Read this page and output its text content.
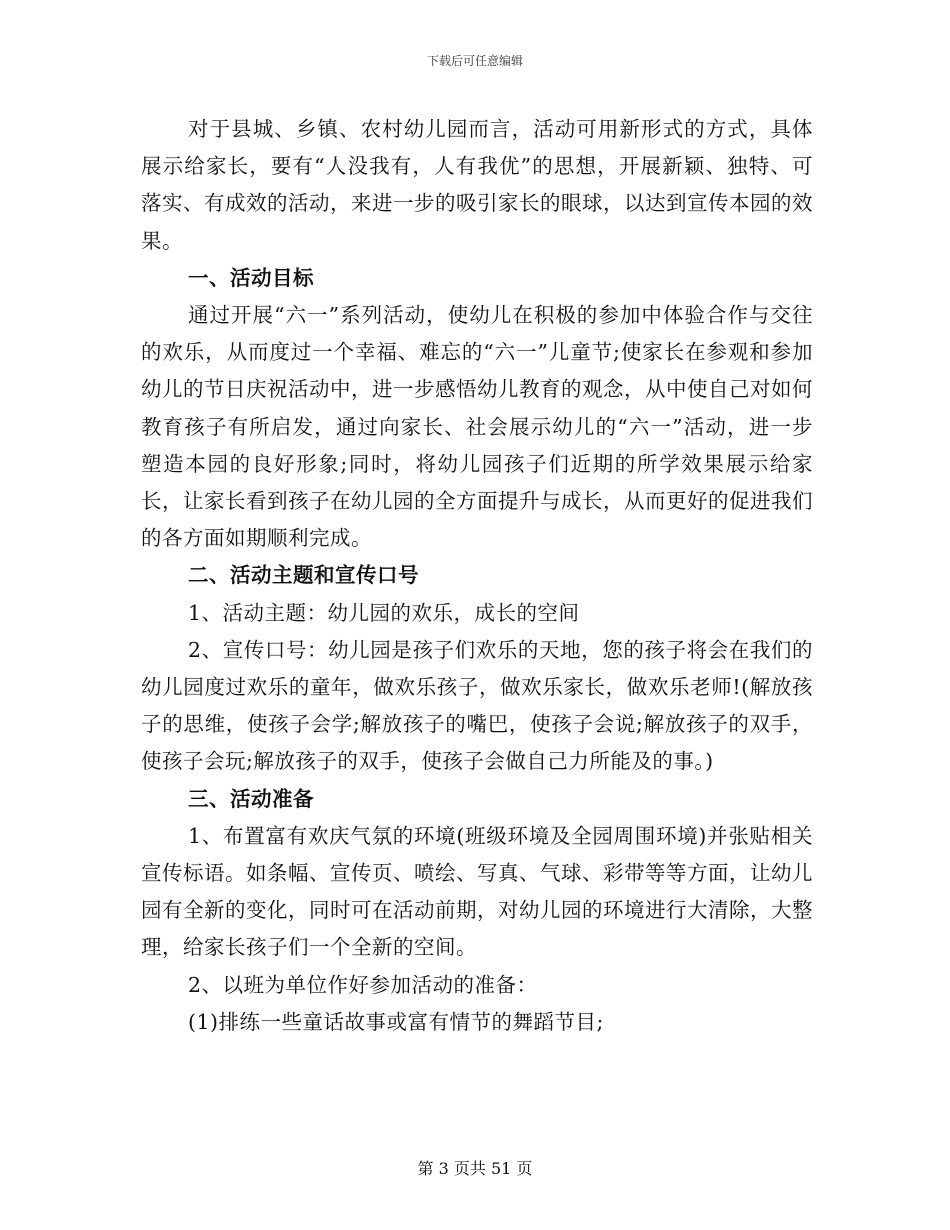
下载后可任意编辑

对于县城、乡镇、农村幼儿园而言，活动可用新形式的方式，具体展示给家长，要有“人没我有，人有我优”的思想，开展新颖、独特、可落实、有成效的活动，来进一步的吸引家长的眼球，以达到宣传本园的效果。

一、活动目标

通过开展“六一”系列活动，使幼儿在积极的参加中体验合作与交往的欢乐，从而度过一个幸福、难忘的“六一”儿童节;使家长在参观和参加幼儿的节日庆祝活动中，进一步感悟幼儿教育的观念，从中使自己对如何教育孩子有所启发，通过向家长、社会展示幼儿的“六一”活动，进一步塑造本园的良好形象;同时，将幼儿园孩子们近期的所学效果展示给家长，让家长看到孩子在幼儿园的全方面提升与成长，从而更好的促进我们的各方面如期顺利完成。

二、活动主题和宣传口号

1、活动主题：幼儿园的欢乐，成长的空间

2、宣传口号：幼儿园是孩子们欢乐的天地，您的孩子将会在我们的幼儿园度过欢乐的童年，做欢乐孩子，做欢乐家长，做欢乐老师!(解放孩子的思维，使孩子会学;解放孩子的嘴巴，使孩子会说;解放孩子的双手，使孩子会玩;解放孩子的双手，使孩子会做自己力所能及的事。)

三、活动准备

1、布置富有欢庆气氛的环境(班级环境及全园周围环境)并张贴相关宣传标语。如条幅、宣传页、喷绘、写真、气球、彩带等等方面，让幼儿园有全新的变化，同时可在活动前期，对幼儿园的环境进行大清除，大整理，给家长孩子们一个全新的空间。

2、以班为单位作好参加活动的准备：

(1)排练一些童话故事或富有情节的舞蹈节目;

第 3 页共 51 页
